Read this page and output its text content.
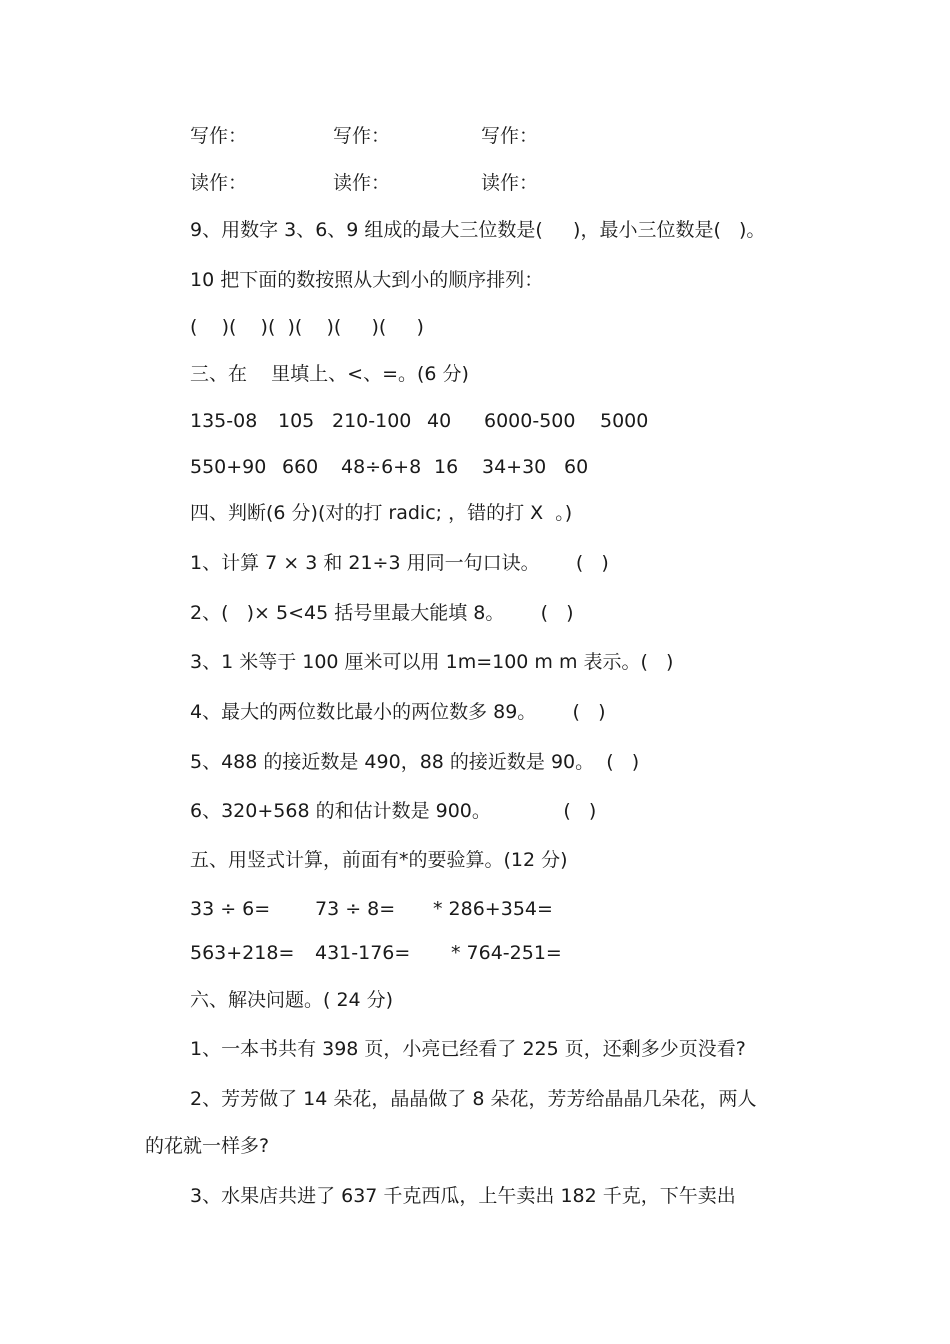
写作：	写作：	写作：
读作：	读作：	读作：
9、用数字 3、6、9 组成的最大三位数是(     )，最小三位数是(   )。
10 把下面的数按照从大到小的顺序排列：
(    )(    )(  )(    )(     )(     )
三、在    里填上、<、=。(6 分)
135-08 105 210-100 40 6000-500 5000
550+90 660 48÷6+8 16 34+30 60
四、判断(6 分)(对的打 radic; ，错的打 X  。)
1、计算 7 × 3 和 21÷3 用同一句口诀。      (   )
2、(   )× 5<45 括号里最大能填 8。      (   )
3、1 米等于 100 厘米可以用 1m=100 m m 表示。(   )
4、最大的两位数比最小的两位数多 89。      (   )
5、488 的接近数是 490，88 的接近数是 90。  (   )
6、320+568 的和估计数是 900。            (   )
五、用竖式计算，前面有*的要验算。(12 分)
33 ÷ 6= 73 ÷ 8= * 286+354=
563+218= 431-176= * 764-251=
六、解决问题。( 24 分)
1、一本书共有 398 页，小亮已经看了 225 页，还剩多少页没看?
2、芳芳做了 14 朵花，晶晶做了 8 朵花，芳芳给晶晶几朵花，两人
的花就一样多?
3、水果店共进了 637 千克西瓜，上午卖出 182 千克，下午卖出
